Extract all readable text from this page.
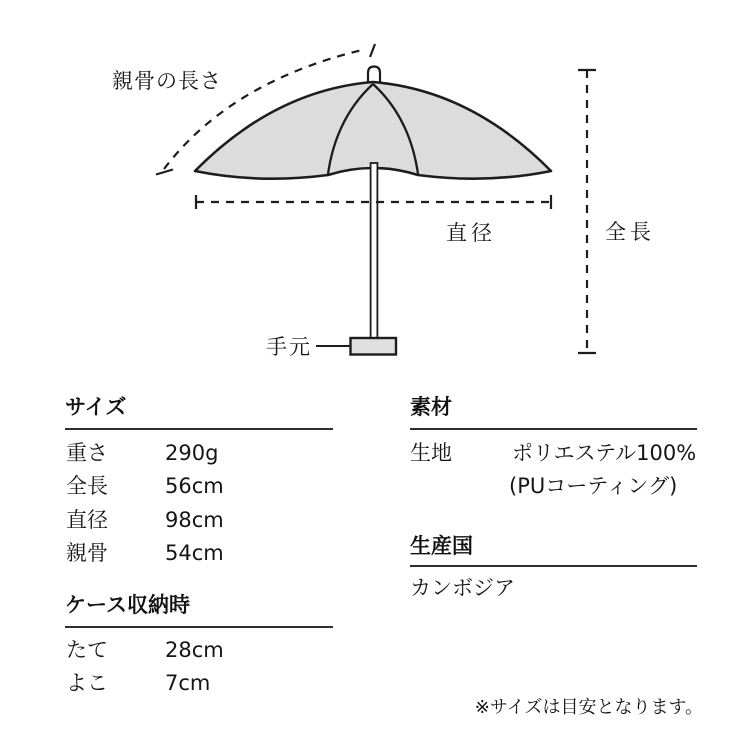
親骨の長さ
直径	全長
手元
サイズ
重さ	290g
全長	56cm
直径	98cm
親骨	54cm
ケース収納時
たて	28cm
よこ	7cm
素材
生地	ポリエステル100%
(PUコーティング)
生産国
カンボジア
※サイズは目安となります。
